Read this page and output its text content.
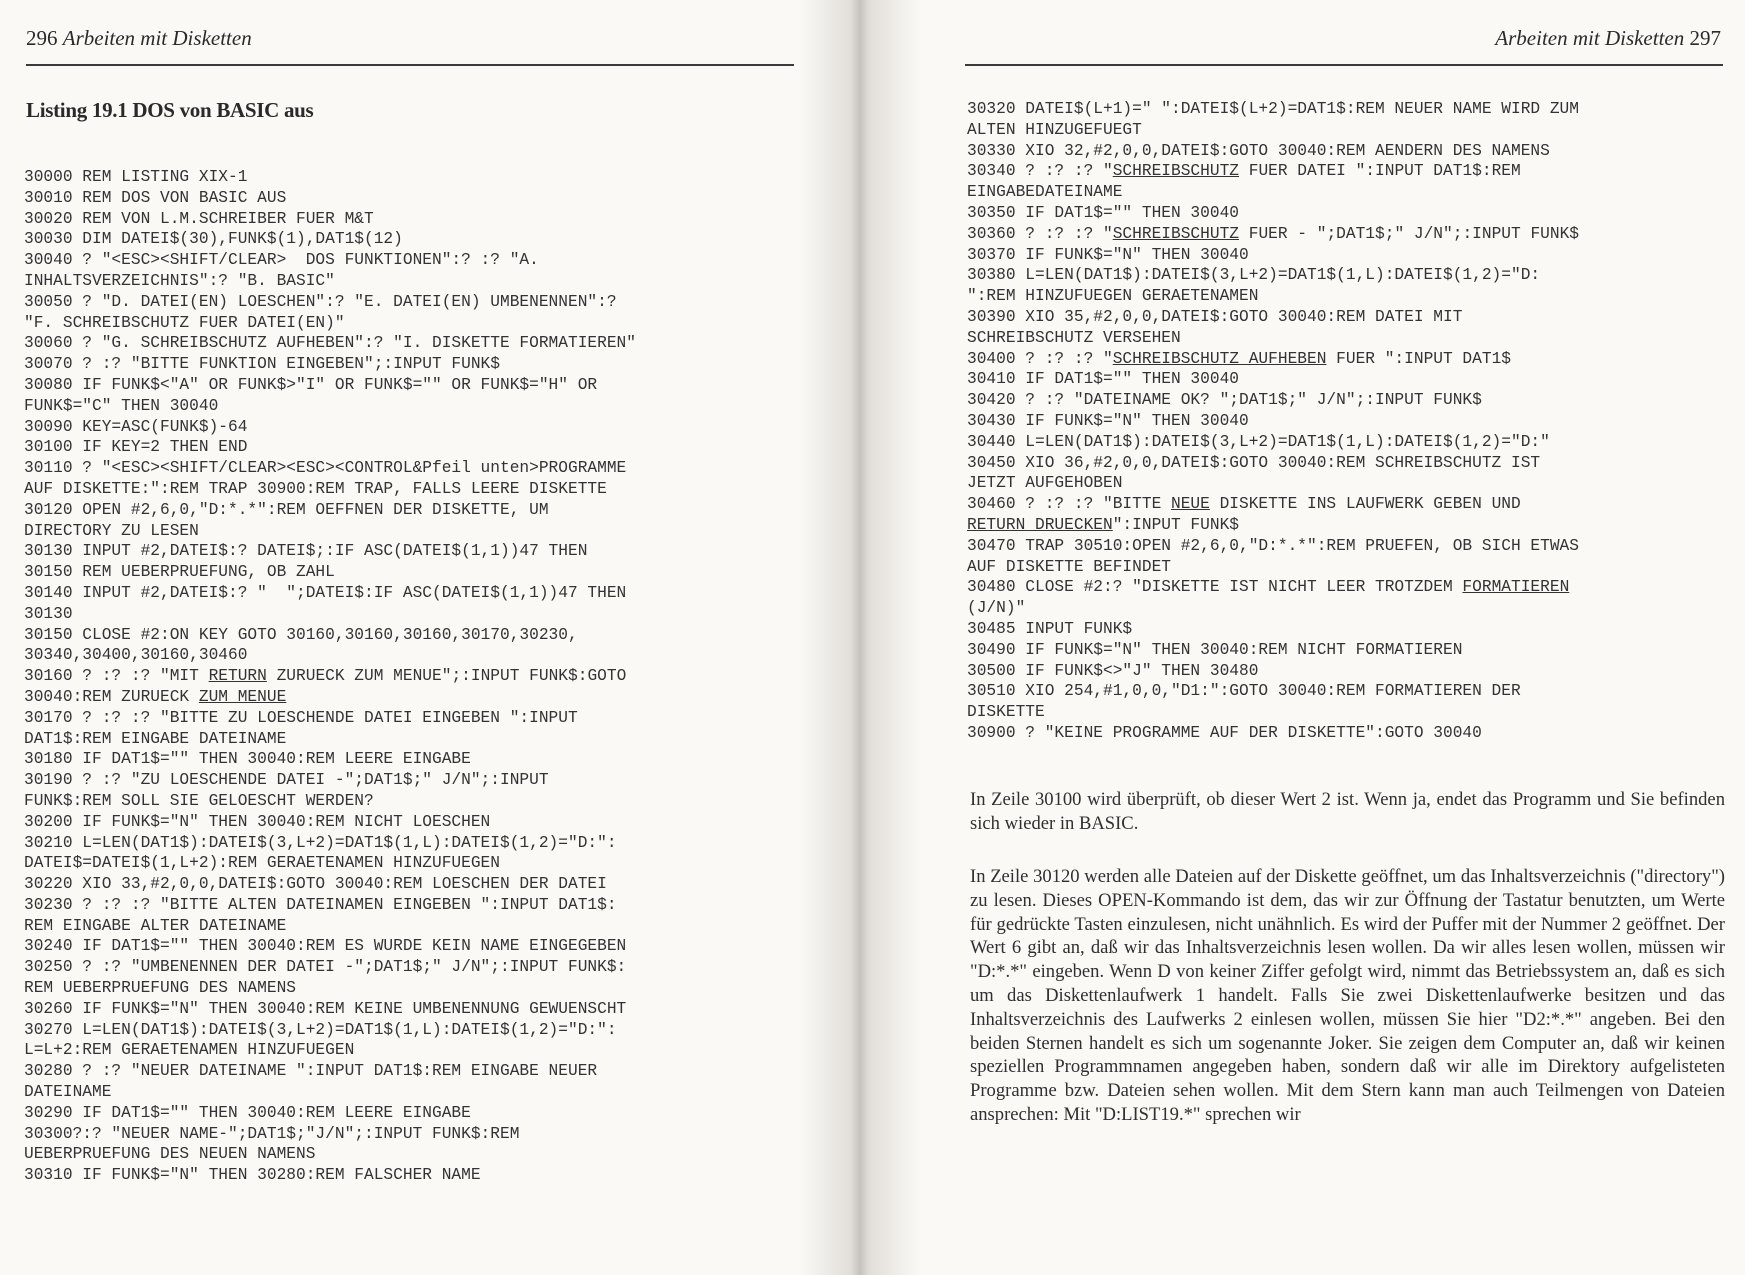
296 Arbeiten mit Disketten
Listing 19.1 DOS von BASIC aus
30000 REM LISTING XIX-1
30010 REM DOS VON BASIC AUS
30020 REM VON L.M.SCHREIBER FUER M&T
30030 DIM DATEI$(30),FUNK$(1),DAT1$(12)
30040 ? "<ESC><SHIFT/CLEAR>  DOS FUNKTIONEN":? :? "A.
INHALTSVERZEICHNIS":? "B. BASIC"
30050 ? "D. DATEI(EN) LOESCHEN":? "E. DATEI(EN) UMBENENNEN":?
"F. SCHREIBSCHUTZ FUER DATEI(EN)"
30060 ? "G. SCHREIBSCHUTZ AUFHEBEN":? "I. DISKETTE FORMATIEREN"
30070 ? :? "BITTE FUNKTION EINGEBEN";:INPUT FUNK$
30080 IF FUNK$<"A" OR FUNK$>"I" OR FUNK$="" OR FUNK$="H" OR
FUNK$="C" THEN 30040
30090 KEY=ASC(FUNK$)-64
30100 IF KEY=2 THEN END
30110 ? "<ESC><SHIFT/CLEAR><ESC><CONTROL&Pfeil unten>PROGRAMME
AUF DISKETTE:":REM TRAP 30900:REM TRAP, FALLS LEERE DISKETTE
30120 OPEN #2,6,0,"D:*.*":REM OEFFNEN DER DISKETTE, UM
DIRECTORY ZU LESEN
30130 INPUT #2,DATEI$:? DATEI$;:IF ASC(DATEI$(1,1))47 THEN
30150 REM UEBERPRUEFUNG, OB ZAHL
30140 INPUT #2,DATEI$:? "  ";DATEI$:IF ASC(DATEI$(1,1))47 THEN
30130
30150 CLOSE #2:ON KEY GOTO 30160,30160,30160,30170,30230,
30340,30400,30160,30460
30160 ? :? :? "MIT RETURN ZURUECK ZUM MENUE";:INPUT FUNK$:GOTO
30040:REM ZURUECK ZUM MENUE
30170 ? :? :? "BITTE ZU LOESCHENDE DATEI EINGEBEN ":INPUT
DAT1$:REM EINGABE DATEINAME
30180 IF DAT1$="" THEN 30040:REM LEERE EINGABE
30190 ? :? "ZU LOESCHENDE DATEI -";DAT1$;" J/N";:INPUT
FUNK$:REM SOLL SIE GELOESCHT WERDEN?
30200 IF FUNK$="N" THEN 30040:REM NICHT LOESCHEN
30210 L=LEN(DAT1$):DATEI$(3,L+2)=DAT1$(1,L):DATEI$(1,2)="D:":
DATEI$=DATEI$(1,L+2):REM GERAETENAMEN HINZUFUEGEN
30220 XIO 33,#2,0,0,DATEI$:GOTO 30040:REM LOESCHEN DER DATEI
30230 ? :? :? "BITTE ALTEN DATEINAMEN EINGEBEN ":INPUT DAT1$:
REM EINGABE ALTER DATEINAME
30240 IF DAT1$="" THEN 30040:REM ES WURDE KEIN NAME EINGEGEBEN
30250 ? :? "UMBENENNEN DER DATEI -";DAT1$;" J/N";:INPUT FUNK$:
REM UEBERPRUEFUNG DES NAMENS
30260 IF FUNK$="N" THEN 30040:REM KEINE UMBENENNUNG GEWUENSCHT
30270 L=LEN(DAT1$):DATEI$(3,L+2)=DAT1$(1,L):DATEI$(1,2)="D:":
L=L+2:REM GERAETENAMEN HINZUFUEGEN
30280 ? :? "NEUER DATEINAME ":INPUT DAT1$:REM EINGABE NEUER
DATEINAME
30290 IF DAT1$="" THEN 30040:REM LEERE EINGABE
30300?:? "NEUER NAME-";DAT1$;"J/N";:INPUT FUNK$:REM
UEBERPRUEFUNG DES NEUEN NAMENS
30310 IF FUNK$="N" THEN 30280:REM FALSCHER NAME
Arbeiten mit Disketten 297
30320 DATEI$(L+1)=" ":DATEI$(L+2)=DAT1$:REM NEUER NAME WIRD ZUM
ALTEN HINZUGEFUEGT
30330 XIO 32,#2,0,0,DATEI$:GOTO 30040:REM AENDERN DES NAMENS
30340 ? :? :? "SCHREIBSCHUTZ FUER DATEI ":INPUT DAT1$:REM
EINGABEDATEINAME
30350 IF DAT1$="" THEN 30040
30360 ? :? :? "SCHREIBSCHUTZ FUER - ";DAT1$;" J/N";:INPUT FUNK$
30370 IF FUNK$="N" THEN 30040
30380 L=LEN(DAT1$):DATEI$(3,L+2)=DAT1$(1,L):DATEI$(1,2)="D:
":REM HINZUFUEGEN GERAETENAMEN
30390 XIO 35,#2,0,0,DATEI$:GOTO 30040:REM DATEI MIT
SCHREIBSCHUTZ VERSEHEN
30400 ? :? :? "SCHREIBSCHUTZ AUFHEBEN FUER ":INPUT DAT1$
30410 IF DAT1$="" THEN 30040
30420 ? :? "DATEINAME OK? ";DAT1$;" J/N";:INPUT FUNK$
30430 IF FUNK$="N" THEN 30040
30440 L=LEN(DAT1$):DATEI$(3,L+2)=DAT1$(1,L):DATEI$(1,2)="D:"
30450 XIO 36,#2,0,0,DATEI$:GOTO 30040:REM SCHREIBSCHUTZ IST
JETZT AUFGEHOBEN
30460 ? :? :? "BITTE NEUE DISKETTE INS LAUFWERK GEBEN UND
RETURN DRUECKEN":INPUT FUNK$
30470 TRAP 30510:OPEN #2,6,0,"D:*.*":REM PRUEFEN, OB SICH ETWAS
AUF DISKETTE BEFINDET
30480 CLOSE #2:? "DISKETTE IST NICHT LEER TROTZDEM FORMATIEREN
(J/N)"
30485 INPUT FUNK$
30490 IF FUNK$="N" THEN 30040:REM NICHT FORMATIEREN
30500 IF FUNK$<>"J" THEN 30480
30510 XIO 254,#1,0,0,"D1:":GOTO 30040:REM FORMATIEREN DER
DISKETTE
30900 ? "KEINE PROGRAMME AUF DER DISKETTE":GOTO 30040

In Zeile 30100 wird überprüft, ob dieser Wert 2 ist. Wenn ja, endet das Programm und Sie befinden sich wieder in BASIC.

In Zeile 30120 werden alle Dateien auf der Diskette geöffnet, um das Inhaltsverzeichnis ("directory") zu lesen. Dieses OPEN-Kommando ist dem, das wir zur Öffnung der Tastatur benutzten, um Werte für gedrückte Tasten einzulesen, nicht unähnlich. Es wird der Puffer mit der Nummer 2 geöffnet. Der Wert 6 gibt an, daß wir das Inhaltsverzeichnis lesen wollen. Da wir alles lesen wollen, müssen wir "D:*.*" eingeben. Wenn D von keiner Ziffer gefolgt wird, nimmt das Betriebssystem an, daß es sich um das Diskettenlaufwerk 1 handelt. Falls Sie zwei Diskettenlaufwerke besitzen und das Inhaltsverzeichnis des Laufwerks 2 einlesen wollen, müssen Sie hier "D2:*.*" angeben. Bei den beiden Sternen handelt es sich um sogenannte Joker. Sie zeigen dem Computer an, daß wir keinen speziellen Programmnamen angegeben haben, sondern daß wir alle im Direktory aufgelisteten Programme bzw. Dateien sehen wollen. Mit dem Stern kann man auch Teilmengen von Dateien ansprechen: Mit "D:LIST19.*" sprechen wir
